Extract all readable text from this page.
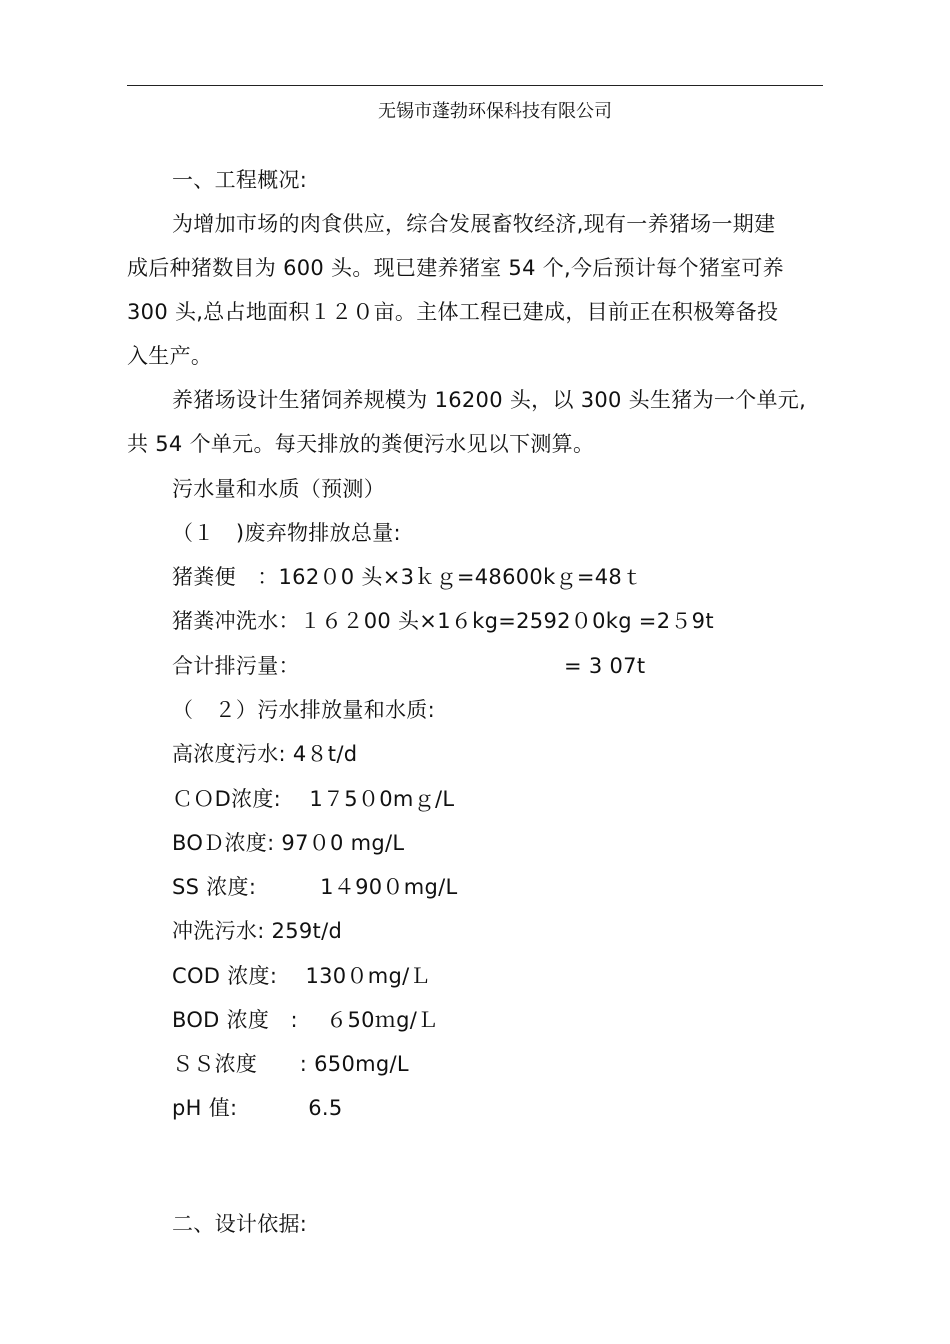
无锡市蓬勃环保科技有限公司
一、工程概况:
为增加市场的肉食供应，综合发展畜牧经济,现有一养猪场一期建
成后种猪数目为 600 头。现已建养猪室 54 个,今后预计每个猪室可养
300 头,总占地面积１２０亩。主体工程已建成，目前正在积极筹备投
入生产。
养猪场设计生猪饲养规模为 16200 头，以 300 头生猪为一个单元,
共 54 个单元。每天排放的粪便污水见以下测算。
污水量和水质（预测）
（１　)废弃物排放总量:
猪粪便　：162０0 头×3ｋｇ=48600kｇ=48ｔ
猪粪冲洗水：１６２00 头×1６kg=2592０0kg =2５9t
合计排污量：	= 3 07t
（　２）污水排放量和水质:
高浓度污水: 4８t/d
ＣＯD浓度:　 1７5０0mｇ/L
BOＤ浓度: 97０0 mg/L
SS 浓度:　　　1４90０mg/L
冲洗污水: 259t/d
COD 浓度:　 130０mg/Ｌ
BOD 浓度　:　 ６50ｍg/Ｌ
ＳＳ浓度　　: 650mg/L
pH 值:　　　 6.5
二、设计依据:
